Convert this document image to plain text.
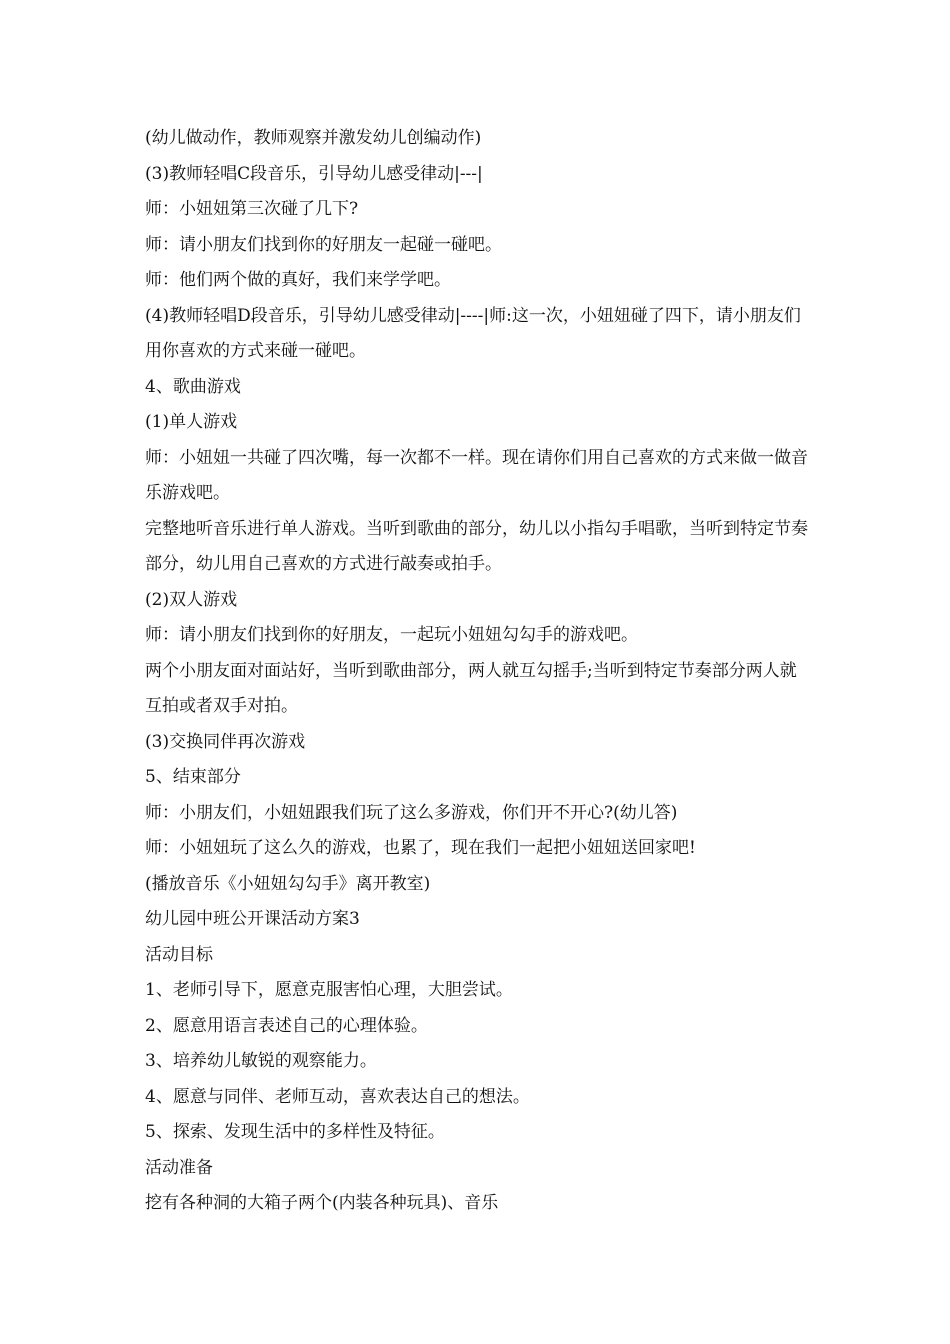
(幼儿做动作，教师观察并激发幼儿创编动作)

(3)教师轻唱C段音乐，引导幼儿感受律动|---|

师：小妞妞第三次碰了几下?

师：请小朋友们找到你的好朋友一起碰一碰吧。

师：他们两个做的真好，我们来学学吧。

(4)教师轻唱D段音乐，引导幼儿感受律动|----|师:这一次，小妞妞碰了四下，请小朋友们用你喜欢的方式来碰一碰吧。

4、歌曲游戏

(1)单人游戏

师：小妞妞一共碰了四次嘴，每一次都不一样。现在请你们用自己喜欢的方式来做一做音乐游戏吧。

完整地听音乐进行单人游戏。当听到歌曲的部分，幼儿以小指勾手唱歌，当听到特定节奏部分，幼儿用自己喜欢的方式进行敲奏或拍手。

(2)双人游戏

师：请小朋友们找到你的好朋友，一起玩小妞妞勾勾手的游戏吧。

两个小朋友面对面站好，当听到歌曲部分，两人就互勾摇手;当听到特定节奏部分两人就互拍或者双手对拍。

(3)交换同伴再次游戏

5、结束部分

师：小朋友们，小妞妞跟我们玩了这么多游戏，你们开不开心?(幼儿答)

师：小妞妞玩了这么久的游戏，也累了，现在我们一起把小妞妞送回家吧!

(播放音乐《小妞妞勾勾手》离开教室)

幼儿园中班公开课活动方案3

活动目标

1、老师引导下，愿意克服害怕心理，大胆尝试。

2、愿意用语言表述自己的心理体验。

3、培养幼儿敏锐的观察能力。

4、愿意与同伴、老师互动，喜欢表达自己的想法。

5、探索、发现生活中的多样性及特征。

活动准备

挖有各种洞的大箱子两个(内装各种玩具)、音乐
